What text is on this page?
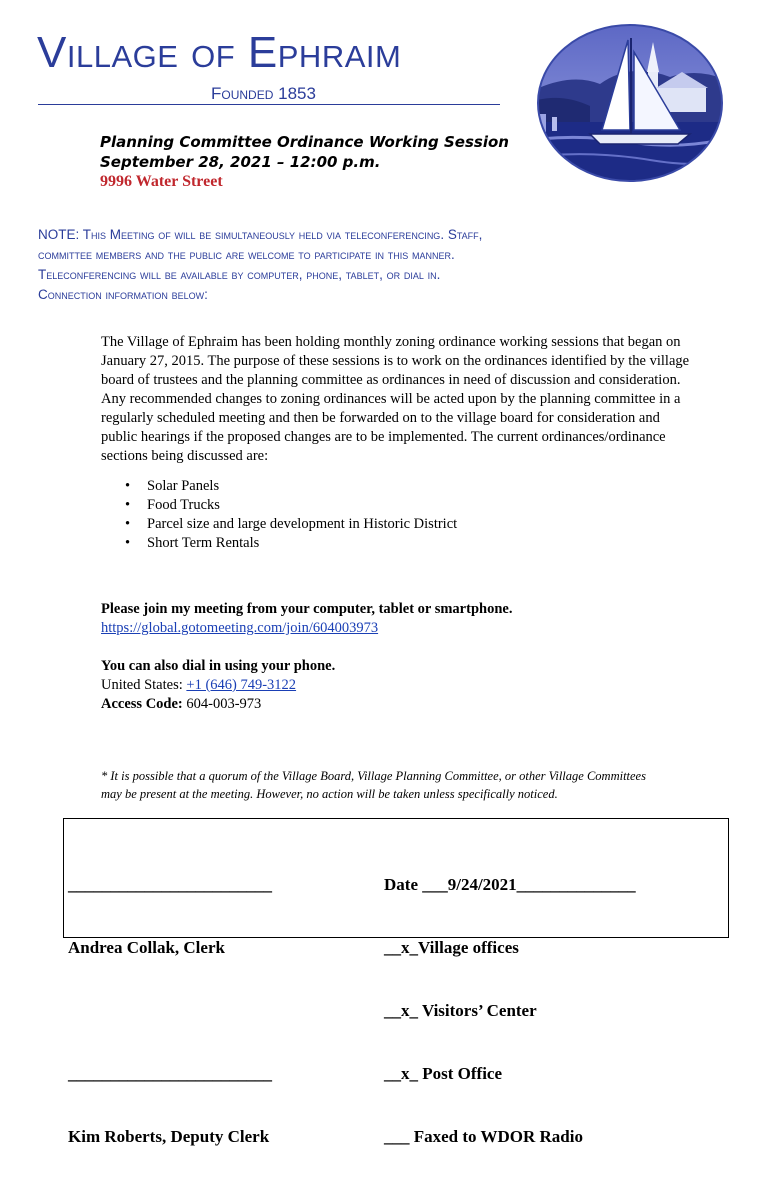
Village of Ephraim
Founded 1853
Planning Committee Ordinance Working Session
September 28, 2021 – 12:00 p.m.
9996 Water Street
NOTE: This Meeting of will be simultaneously held via teleconferencing. Staff,
committee members and the public are welcome to participate in this manner.
Teleconferencing will be available by computer, phone, tablet, or dial in.
Connection information below:
The Village of Ephraim has been holding monthly zoning ordinance working sessions that began on
January 27, 2015. The purpose of these sessions is to work on the ordinances identified by the village
board of trustees and the planning committee as ordinances in need of discussion and consideration.
Any recommended changes to zoning ordinances will be acted upon by the planning committee in a
regularly scheduled meeting and then be forwarded on to the village board for consideration and
public hearings if the proposed changes are to be implemented. The current ordinances/ordinance
sections being discussed are:
• Solar Panels
• Food Trucks
• Parcel size and large development in Historic District
• Short Term Rentals
Please join my meeting from your computer, tablet or smartphone.
https://global.gotomeeting.com/join/604003973
You can also dial in using your phone.
United States: +1 (646) 749-3122
Access Code: 604-003-973
* It is possible that a quorum of the Village Board, Village Planning Committee, or other Village Committees
may be present at the meeting. However, no action will be taken unless specifically noticed.

________________________

Andrea Collak, Clerk

________________________

Kim Roberts, Deputy Clerk

Date ___9/24/2021______________

__x_Village offices

__x_ Visitors’ Center

__x_ Post Office

___ Faxed to WDOR Radio
